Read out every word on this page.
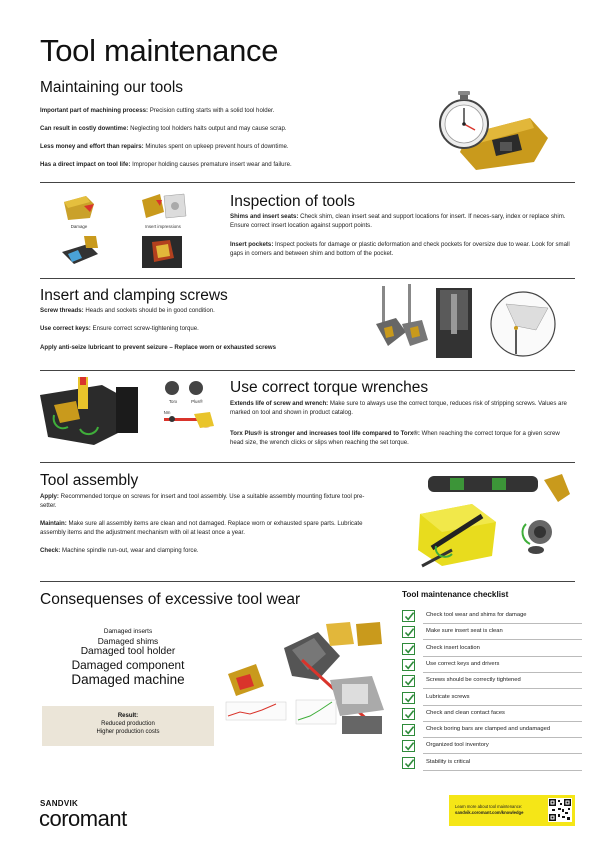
Tool maintenance
Maintaining our tools
Important part of machining process: Precision cutting starts with a solid tool holder.
Can result in costly downtime: Neglecting tool holders halts output and may cause scrap.
Less money and effort than repairs: Minutes spent on upkeep prevent hours of downtime.
Has a direct impact on tool life: Improper holding causes premature insert wear and failure.
Damage	Insert impressions
Inspection of tools
Shims and insert seats: Check shim, clean insert seat and support locations for insert. If neces-sary, index or replace shim. Ensure correct insert location against support points.
Insert pockets: Inspect pockets for damage or plastic deformation and check pockets for oversize due to wear. Look for small gaps in corners and between shim and bottom of the pocket.
Insert and clamping screws
Screw threads: Heads and sockets should be in good condition.
Use correct keys: Ensure correct screw-tightening torque.
Apply anti-seize lubricant to prevent seizure – Replace worn or exhausted screws
Torx	Plus®
Nm
Use correct torque wrenches
Extends life of screw and wrench: Make sure to always use the correct torque, reduces risk of stripping screws. Values are marked on tool and shown in product catalog.
Torx Plus® is stronger and increases tool life compared to Torx®: When reaching the correct torque for a given screw head size, the wrench clicks or slips when reaching the set torque.
Tool assembly
Apply: Recommended torque on screws for insert and tool assembly. Use a suitable assembly mounting fixture tool pre-setter.
Maintain: Make sure all assembly items are clean and not damaged. Replace worn or exhausted spare parts. Lubricate assembly items and the adjustment mechanism with oil at least once a year.
Check: Machine spindle run-out, wear and clamping force.
Consequenses of excessive tool wear
Damaged inserts
Damaged shims
Damaged tool holder
Damaged component
Damaged machine
Result:
Reduced production
Higher production costs
Tool maintenance checklist
Check tool wear and shims for damage
Make sure insert seat is clean
Check insert location
Use correct keys and drivers
Screws should be correctly tightened
Lubricate screws
Check and clean contact faces
Check boring bars are clamped and undamaged
Organized tool inventory
Stability is critical
SANDVIK
coromant	Learn more about tool maintenance:
sandvik.coromant.com/knowledge
